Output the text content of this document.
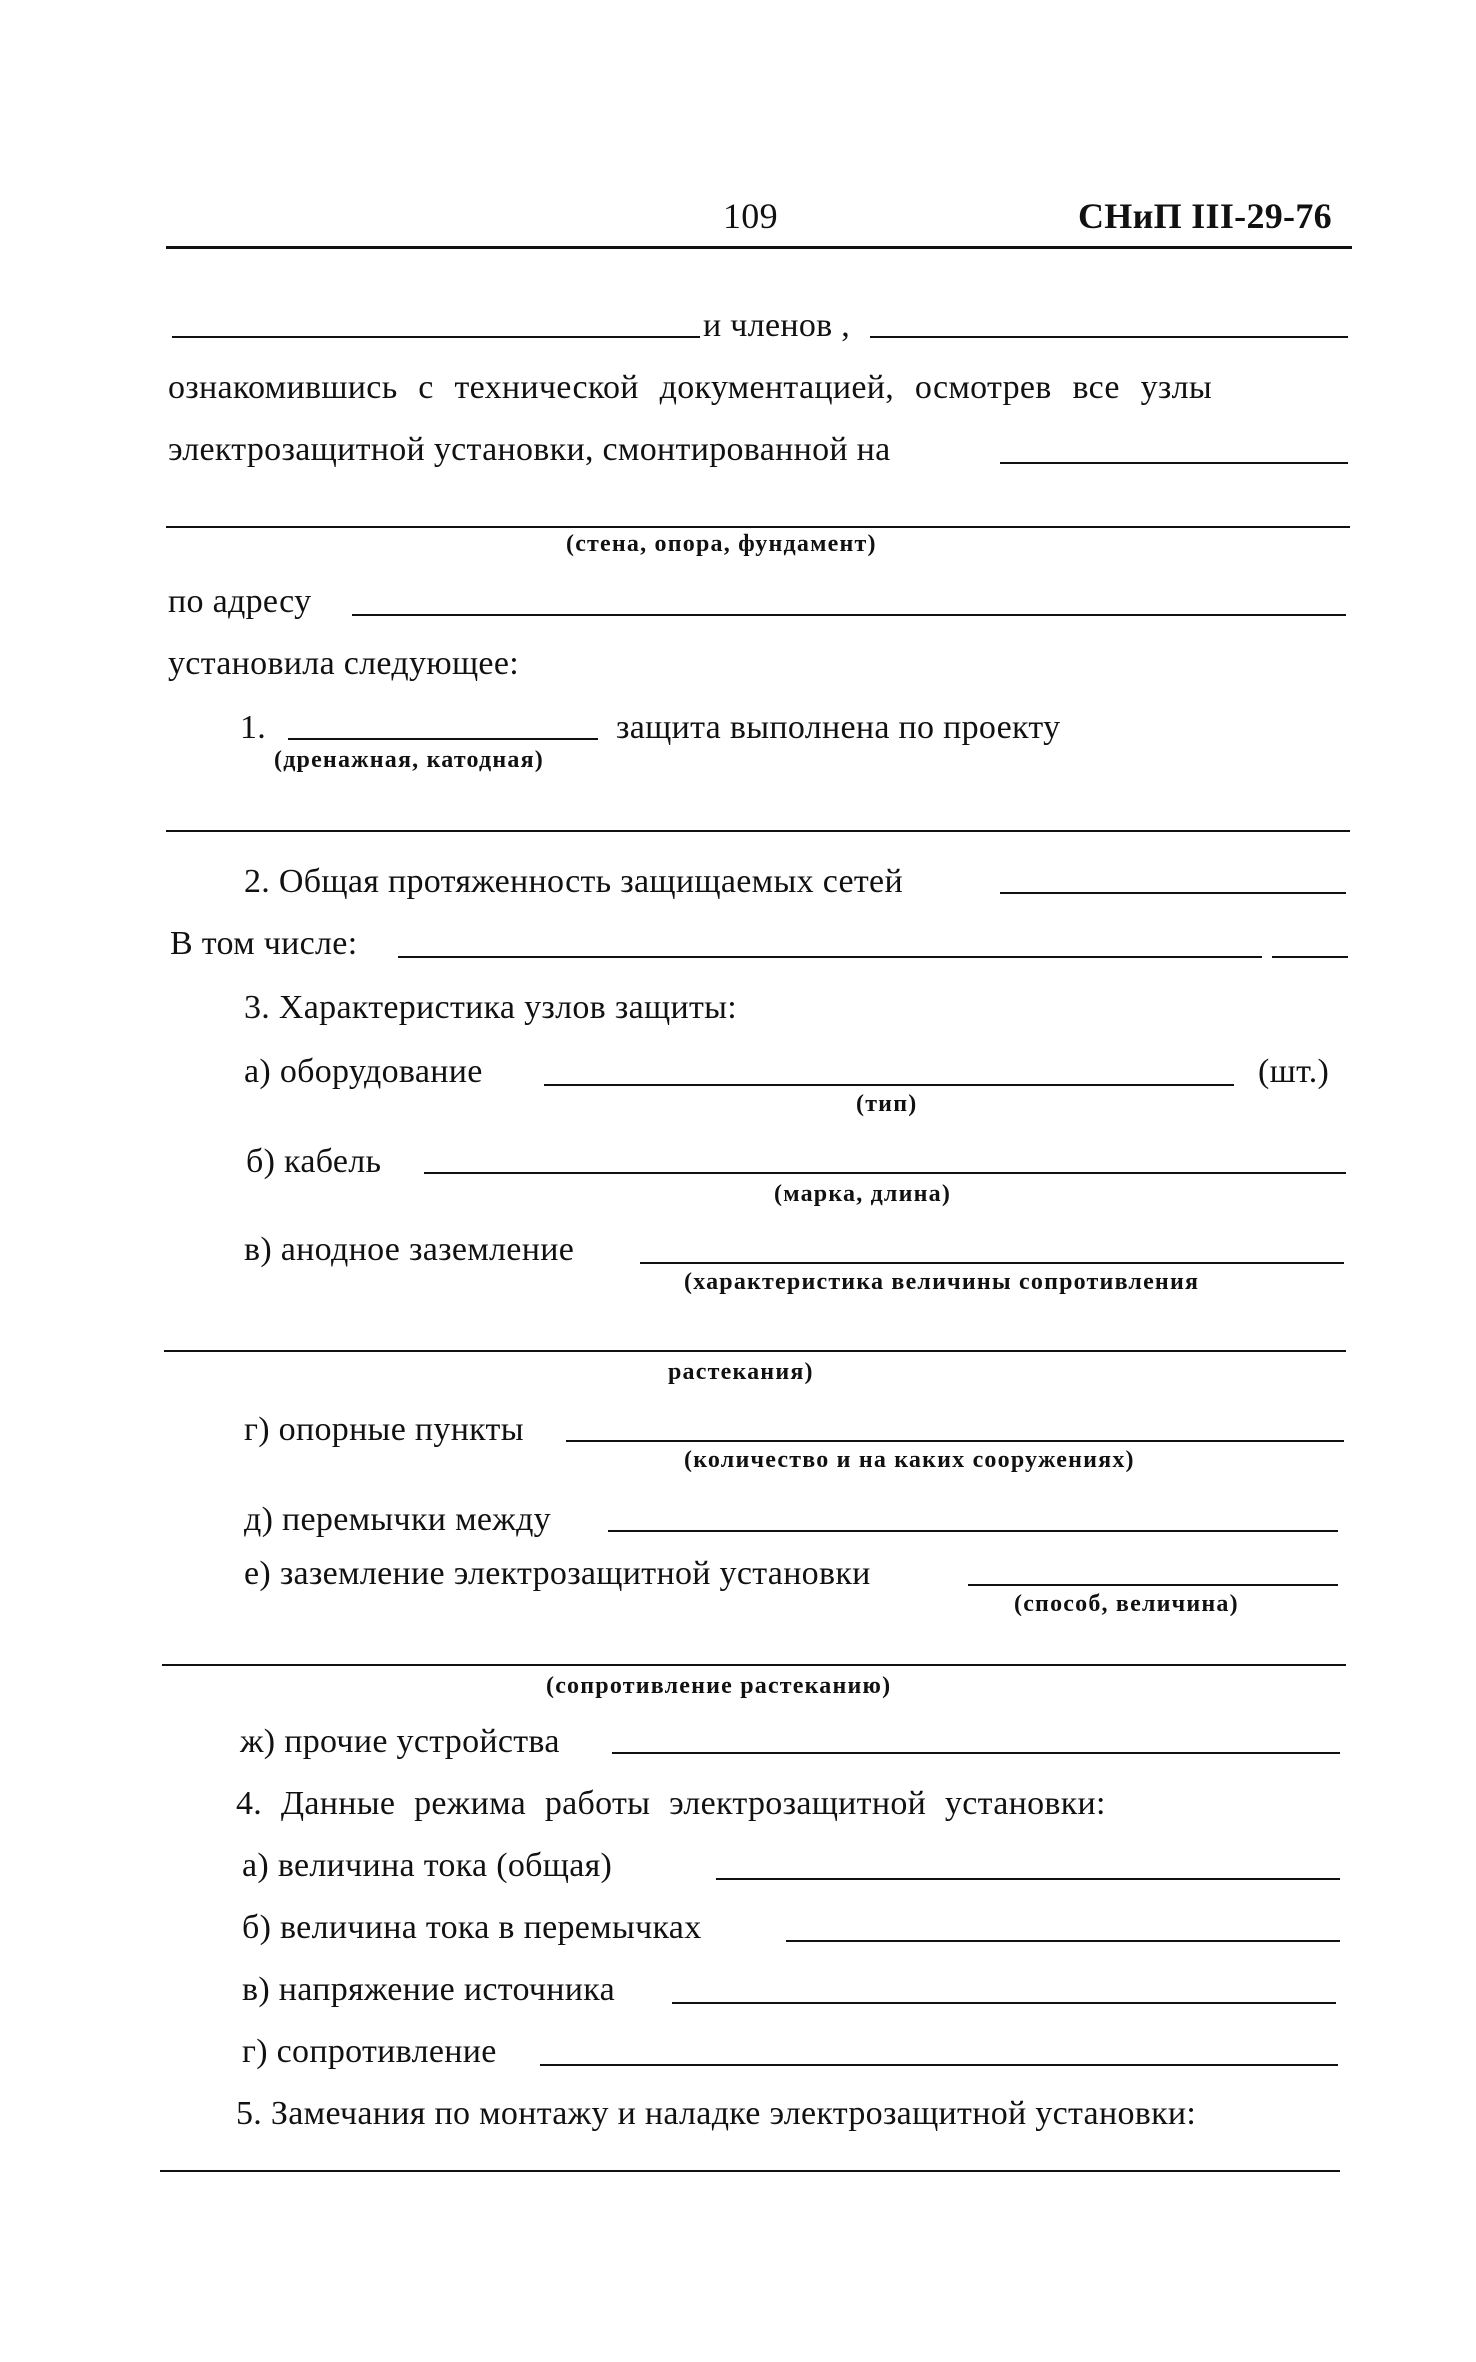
109	СНиП III-29-76
и членов ,
ознакомившись с технической документацией, осмотрев все узлы
электрозащитной установки, смонтированной на
(стена, опора, фундамент)
по адресу
установила следующее:
1.	защита выполнена по проекту
(дренажная, катодная)
2. Общая протяженность защищаемых сетей
В том числе:
3. Характеристика узлов защиты:
а) оборудование	(шт.)
(тип)
б) кабель
(марка, длина)
в) анодное заземление
(характеристика величины сопротивления
растекания)
г) опорные пункты
(количество и на каких сооружениях)
д) перемычки между
е) заземление электрозащитной установки
(способ, величина)
(сопротивление растеканию)
ж) прочие устройства
4. Данные режима работы электрозащитной установки:
а) величина тока (общая)
б) величина тока в перемычках
в) напряжение источника
г) сопротивление
5. Замечания по монтажу и наладке электрозащитной установки:
